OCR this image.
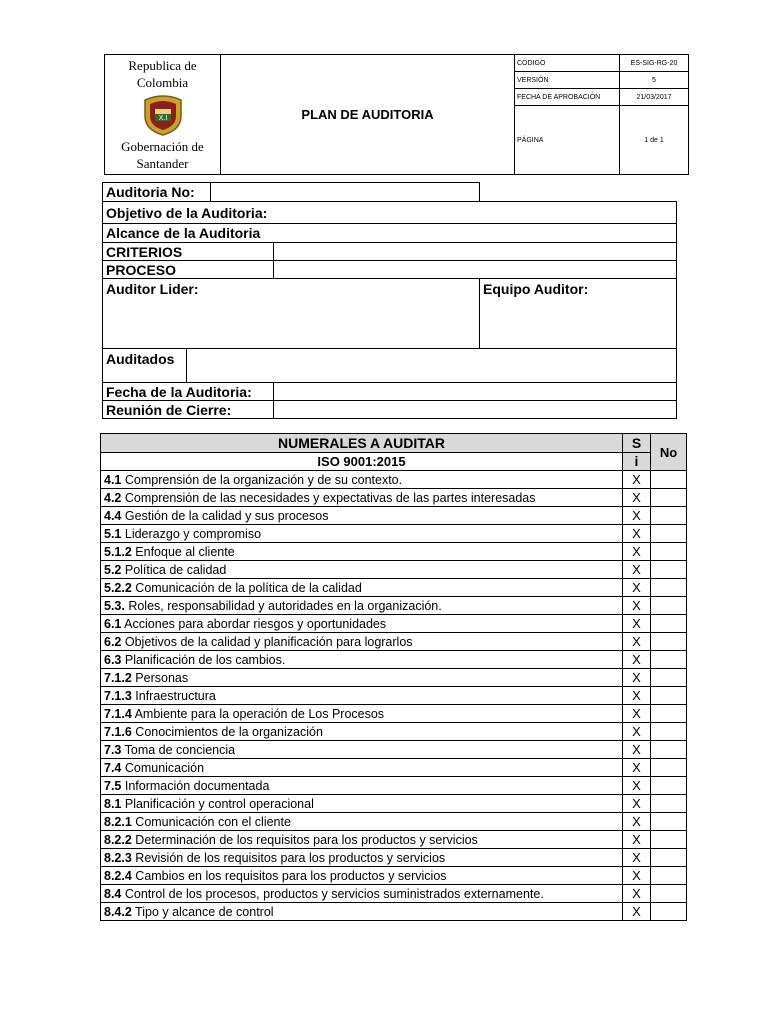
Republica de
Colombia
X.I
Gobernación de
Santander	PLAN DE AUDITORIA	CÓDIGO	ES-SIG-RG-20
		VERSIÓN	5
		FECHA DE APROBACIÓN	21/03/2017
		PÁGINA	1 de 1
Auditoria No:				
Objetivo de la Auditoria:				
Alcance de la Auditoria				
CRITERIOS				
PROCESO				
Auditor Lider:				Equipo Auditor:
Auditados				
Fecha de la Auditoria:				
Reunión de Cierre:				
NUMERALES A AUDITAR	S	No
ISO 9001:2015	i	
4.1 Comprensión de la organización y de su contexto.	X	
4.2 Comprensión de las necesidades y expectativas de las partes interesadas	X	
4.4 Gestión de la calidad y sus procesos	X	
5.1 Liderazgo y compromiso	X	
5.1.2 Enfoque al cliente	X	
5.2 Política de calidad	X	
5.2.2 Comunicación de la política de la calidad	X	
5.3. Roles, responsabilidad y autoridades en la organización.	X	
6.1 Acciones para abordar riesgos y oportunidades	X	
6.2 Objetivos de la calidad y planificación para lograrlos	X	
6.3 Planificación de los cambios.	X	
7.1.2 Personas	X	
7.1.3 Infraestructura	X	
7.1.4 Ambiente para la operación de Los Procesos	X	
7.1.6 Conocimientos de la organización	X	
7.3 Toma de conciencia	X	
7.4 Comunicación	X	
7.5 Información documentada	X	
8.1 Planificación y control operacional	X	
8.2.1 Comunicación con el cliente	X	
8.2.2 Determinación de los requisitos para los productos y servicios	X	
8.2.3 Revisión de los requisitos para los productos y servicios	X	
8.2.4 Cambios en los requisitos para los productos y servicios	X	
8.4 Control de los procesos, productos y servicios suministrados externamente.	X	
8.4.2 Tipo y alcance de control	X	
